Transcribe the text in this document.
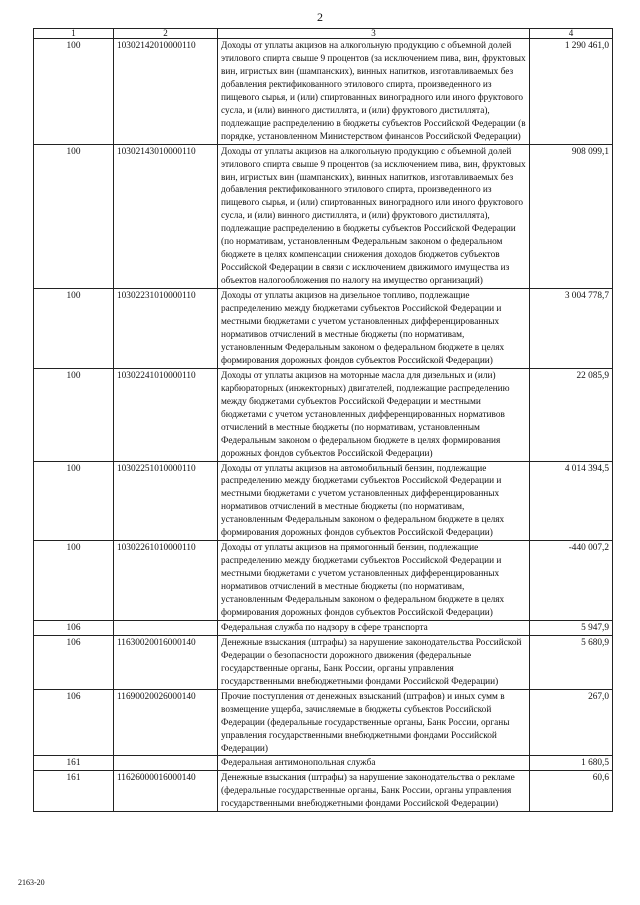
2
1	2	3	4
100	10302142010000110	Доходы от уплаты акцизов на алкогольную продукцию с объемной долей этилового спирта свыше 9 процентов (за исключением пива, вин, фруктовых вин, игристых вин (шампанских), винных напитков, изготавливаемых без добавления ректификованного этилового спирта, произведенного из пищевого сырья, и (или) спиртованных виноградного или иного фруктового сусла, и (или) винного дистиллята, и (или) фруктового дистиллята), подлежащие распределению в бюджеты субъектов Российской Федерации (в порядке, установленном Министерством финансов Российской Федерации)	1 290 461,0
100	10302143010000110	Доходы от уплаты акцизов на алкогольную продукцию с объемной долей этилового спирта свыше 9 процентов (за исключением пива, вин, фруктовых вин, игристых вин (шампанских), винных напитков, изготавливаемых без добавления ректификованного этилового спирта, произведенного из пищевого сырья, и (или) спиртованных виноградного или иного фруктового сусла, и (или) винного дистиллята, и (или) фруктового дистиллята), подлежащие распределению в бюджеты субъектов Российской Федерации (по нормативам, установленным Федеральным законом о федеральном бюджете в целях компенсации снижения доходов бюджетов субъектов Российской Федерации в связи с исключением движимого имущества из объектов налогообложения по налогу на имущество организаций)	908 099,1
100	10302231010000110	Доходы от уплаты акцизов на дизельное топливо, подлежащие распределению между бюджетами субъектов Российской Федерации и местными бюджетами с учетом установленных дифференцированных нормативов отчислений в местные бюджеты (по нормативам, установленным Федеральным законом о федеральном бюджете в целях формирования дорожных фондов субъектов Российской Федерации)	3 004 778,7
100	10302241010000110	Доходы от уплаты акцизов на моторные масла для дизельных и (или) карбюраторных (инжекторных) двигателей, подлежащие распределению между бюджетами субъектов Российской Федерации и местными бюджетами с учетом установленных дифференцированных нормативов отчислений в местные бюджеты (по нормативам, установленным Федеральным законом о федеральном бюджете в целях формирования дорожных фондов субъектов Российской Федерации)	22 085,9
100	10302251010000110	Доходы от уплаты акцизов на автомобильный бензин, подлежащие распределению между бюджетами субъектов Российской Федерации и местными бюджетами с учетом установленных дифференцированных нормативов отчислений в местные бюджеты (по нормативам, установленным Федеральным законом о федеральном бюджете в целях формирования дорожных фондов субъектов Российской Федерации)	4 014 394,5
100	10302261010000110	Доходы от уплаты акцизов на прямогонный бензин, подлежащие распределению между бюджетами субъектов Российской Федерации и местными бюджетами с учетом установленных дифференцированных нормативов отчислений в местные бюджеты (по нормативам, установленным Федеральным законом о федеральном бюджете в целях формирования дорожных фондов субъектов Российской Федерации)	-440 007,2
106		Федеральная служба по надзору в сфере транспорта	5 947,9
106	11630020016000140	Денежные взыскания (штрафы) за нарушение законодательства Российской Федерации о безопасности дорожного движения (федеральные государственные органы, Банк России, органы управления государственными внебюджетными фондами Российской Федерации)	5 680,9
106	11690020026000140	Прочие поступления от денежных взысканий (штрафов) и иных сумм в возмещение ущерба, зачисляемые в бюджеты субъектов Российской Федерации (федеральные государственные органы, Банк России, органы управления государственными внебюджетными фондами Российской Федерации)	267,0
161		Федеральная антимонопольная служба	1 680,5
161	11626000016000140	Денежные взыскания (штрафы) за нарушение законодательства о рекламе (федеральные государственные органы, Банк России, органы управления государственными внебюджетными фондами Российской Федерации)	60,6
2163-20
